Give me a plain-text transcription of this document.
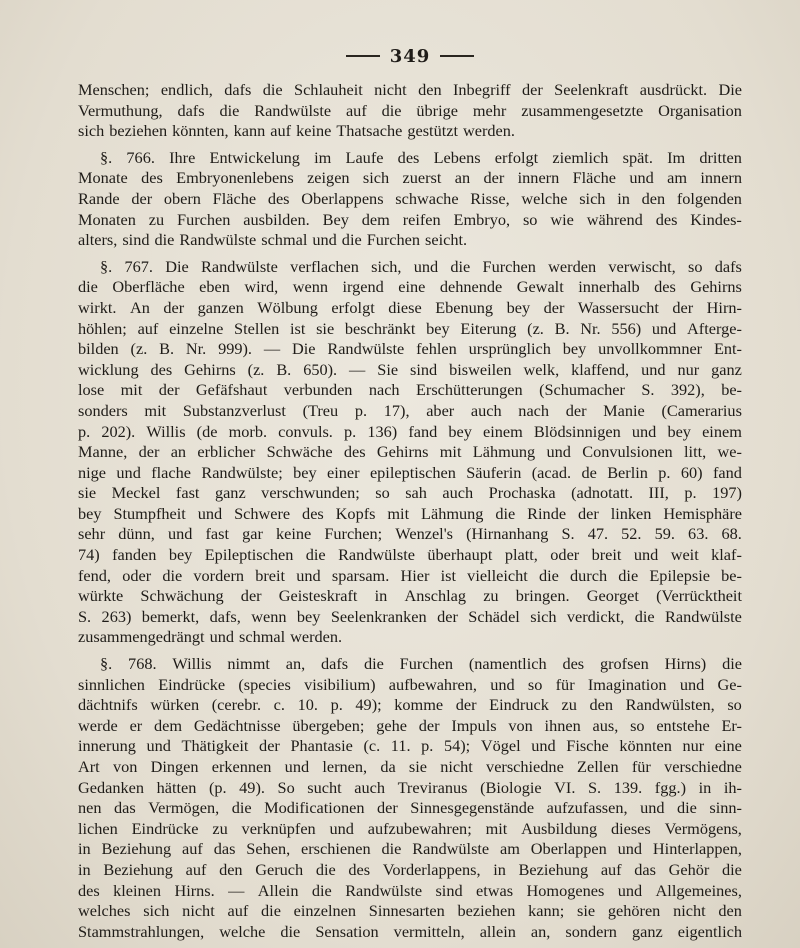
349
Menschen; endlich, dafs die Schlauheit nicht den Inbegriff der Seelenkraft ausdrückt. Die
Vermuthung, dafs die Randwülste auf die übrige mehr zusammengesetzte Organisation
sich beziehen könnten, kann auf keine Thatsache gestützt werden.
§. 766. Ihre Entwickelung im Laufe des Lebens erfolgt ziemlich spät. Im dritten
Monate des Embryonenlebens zeigen sich zuerst an der innern Fläche und am innern
Rande der obern Fläche des Oberlappens schwache Risse, welche sich in den folgenden
Monaten zu Furchen ausbilden. Bey dem reifen Embryo, so wie während des Kindes-
alters, sind die Randwülste schmal und die Furchen seicht.
§. 767. Die Randwülste verflachen sich, und die Furchen werden verwischt, so dafs
die Oberfläche eben wird, wenn irgend eine dehnende Gewalt innerhalb des Gehirns
wirkt. An der ganzen Wölbung erfolgt diese Ebenung bey der Wassersucht der Hirn-
höhlen; auf einzelne Stellen ist sie beschränkt bey Eiterung (z. B. Nr. 556) und Afterge-
bilden (z. B. Nr. 999). — Die Randwülste fehlen ursprünglich bey unvollkommner Ent-
wicklung des Gehirns (z. B. 650). — Sie sind bisweilen welk, klaffend, und nur ganz
lose mit der Gefäfshaut verbunden nach Erschütterungen (Schumacher S. 392), be-
sonders mit Substanzverlust (Treu p. 17), aber auch nach der Manie (Camerarius
p. 202). Willis (de morb. convuls. p. 136) fand bey einem Blödsinnigen und bey einem
Manne, der an erblicher Schwäche des Gehirns mit Lähmung und Convulsionen litt, we-
nige und flache Randwülste; bey einer epileptischen Säuferin (acad. de Berlin p. 60) fand
sie Meckel fast ganz verschwunden; so sah auch Prochaska (adnotatt. III, p. 197)
bey Stumpfheit und Schwere des Kopfs mit Lähmung die Rinde der linken Hemisphäre
sehr dünn, und fast gar keine Furchen; Wenzel's (Hirnanhang S. 47. 52. 59. 63. 68.
74) fanden bey Epileptischen die Randwülste überhaupt platt, oder breit und weit klaf-
fend, oder die vordern breit und sparsam. Hier ist vielleicht die durch die Epilepsie be-
würkte Schwächung der Geisteskraft in Anschlag zu bringen. Georget (Verrücktheit
S. 263) bemerkt, dafs, wenn bey Seelenkranken der Schädel sich verdickt, die Randwülste
zusammengedrängt und schmal werden.
§. 768. Willis nimmt an, dafs die Furchen (namentlich des grofsen Hirns) die
sinnlichen Eindrücke (species visibilium) aufbewahren, und so für Imagination und Ge-
dächtnifs würken (cerebr. c. 10. p. 49); komme der Eindruck zu den Randwülsten, so
werde er dem Gedächtnisse übergeben; gehe der Impuls von ihnen aus, so entstehe Er-
innerung und Thätigkeit der Phantasie (c. 11. p. 54); Vögel und Fische könnten nur eine
Art von Dingen erkennen und lernen, da sie nicht verschiedne Zellen für verschiedne
Gedanken hätten (p. 49). So sucht auch Treviranus (Biologie VI. S. 139. fgg.) in ih-
nen das Vermögen, die Modificationen der Sinnesgegenstände aufzufassen, und die sinn-
lichen Eindrücke zu verknüpfen und aufzubewahren; mit Ausbildung dieses Vermögens,
in Beziehung auf das Sehen, erschienen die Randwülste am Oberlappen und Hinterlappen,
in Beziehung auf den Geruch die des Vorderlappens, in Beziehung auf das Gehör die
des kleinen Hirns. — Allein die Randwülste sind etwas Homogenes und Allgemeines,
welches sich nicht auf die einzelnen Sinnesarten beziehen kann; sie gehören nicht den
Stammstrahlungen, welche die Sensation vermitteln, allein an, sondern ganz eigentlich
